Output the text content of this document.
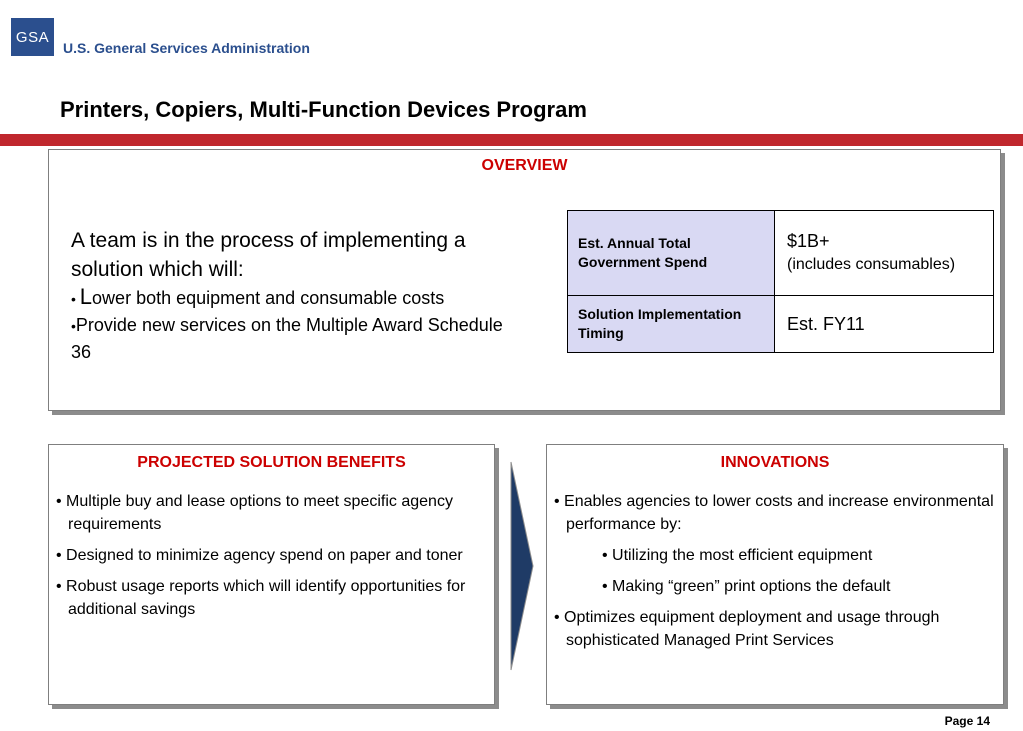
GSA
U.S. General Services Administration
Printers, Copiers, Multi-Function Devices Program
OVERVIEW
A team is in the process of implementing a solution which will:
• Lower both equipment and consumable costs
•Provide new services on the Multiple Award Schedule 36
Est. Annual Total Government Spend	$1B+
(includes consumables)

Solution Implementation Timing	Est. FY11
PROJECTED SOLUTION BENEFITS
• Multiple buy and lease options to meet specific agency requirements
• Designed to minimize agency spend on paper and toner
• Robust usage reports which will identify opportunities for additional savings
INNOVATIONS
• Enables agencies to lower costs and increase environmental performance by:
• Utilizing the most efficient equipment
• Making “green” print options the default
• Optimizes equipment deployment and usage through sophisticated Managed Print Services
Page 14
